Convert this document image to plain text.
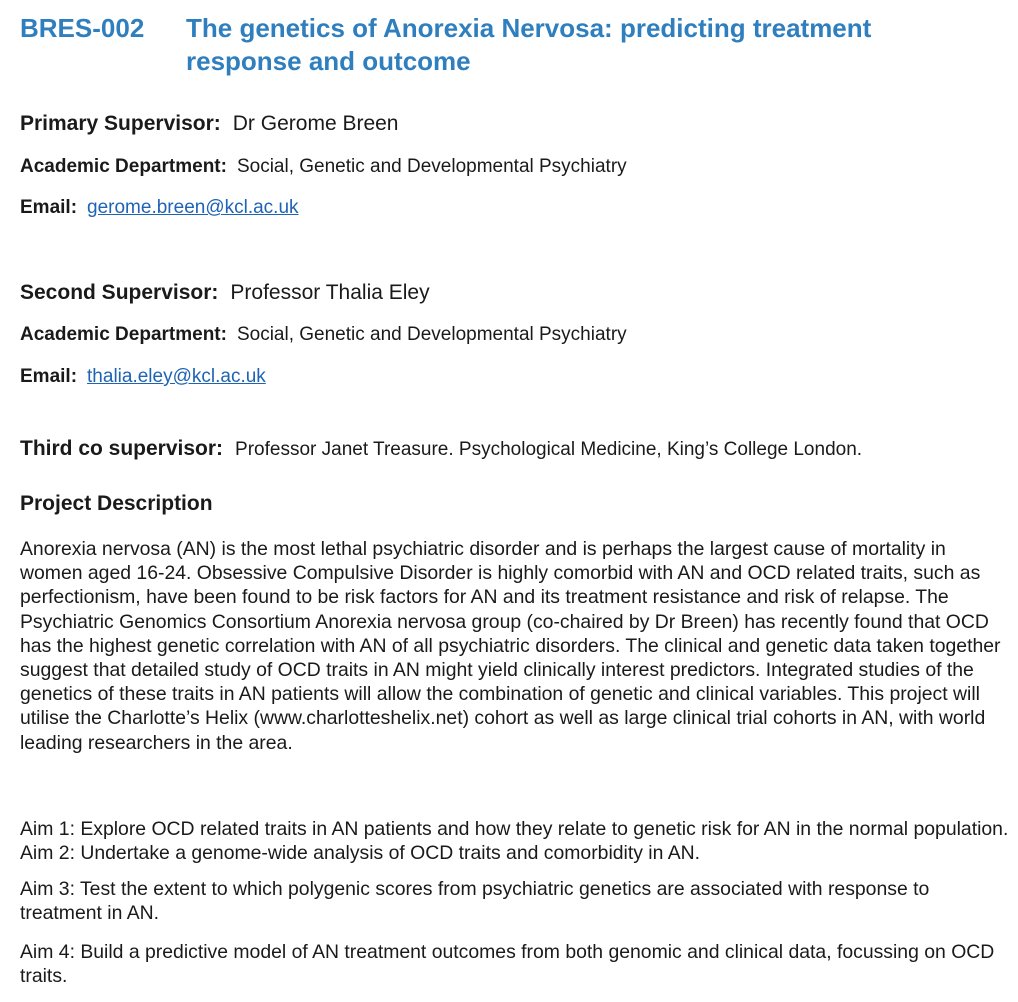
BRES-002 The genetics of Anorexia Nervosa: predicting treatment response and outcome
Primary Supervisor: Dr Gerome Breen
Academic Department: Social, Genetic and Developmental Psychiatry
Email: gerome.breen@kcl.ac.uk
Second Supervisor: Professor Thalia Eley
Academic Department: Social, Genetic and Developmental Psychiatry
Email: thalia.eley@kcl.ac.uk
Third co supervisor: Professor Janet Treasure. Psychological Medicine, King’s College London.
Project Description

Anorexia nervosa (AN) is the most lethal psychiatric disorder and is perhaps the largest cause of mortality in women aged 16-24. Obsessive Compulsive Disorder is highly comorbid with AN and OCD related traits, such as perfectionism, have been found to be risk factors for AN and its treatment resistance and risk of relapse. The Psychiatric Genomics Consortium Anorexia nervosa group (co-chaired by Dr Breen) has recently found that OCD has the highest genetic correlation with AN of all psychiatric disorders. The clinical and genetic data taken together suggest that detailed study of OCD traits in AN might yield clinically interest predictors. Integrated studies of the genetics of these traits in AN patients will allow the combination of genetic and clinical variables. This project will utilise the Charlotte’s Helix (www.charlotteshelix.net) cohort as well as large clinical trial cohorts in AN, with world leading researchers in the area.

Aim 1: Explore OCD related traits in AN patients and how they relate to genetic risk for AN in the normal population. Aim 2: Undertake a genome-wide analysis of OCD traits and comorbidity in AN.

Aim 3: Test the extent to which polygenic scores from psychiatric genetics are associated with response to treatment in AN.

Aim 4: Build a predictive model of AN treatment outcomes from both genomic and clinical data, focussing on OCD traits.
